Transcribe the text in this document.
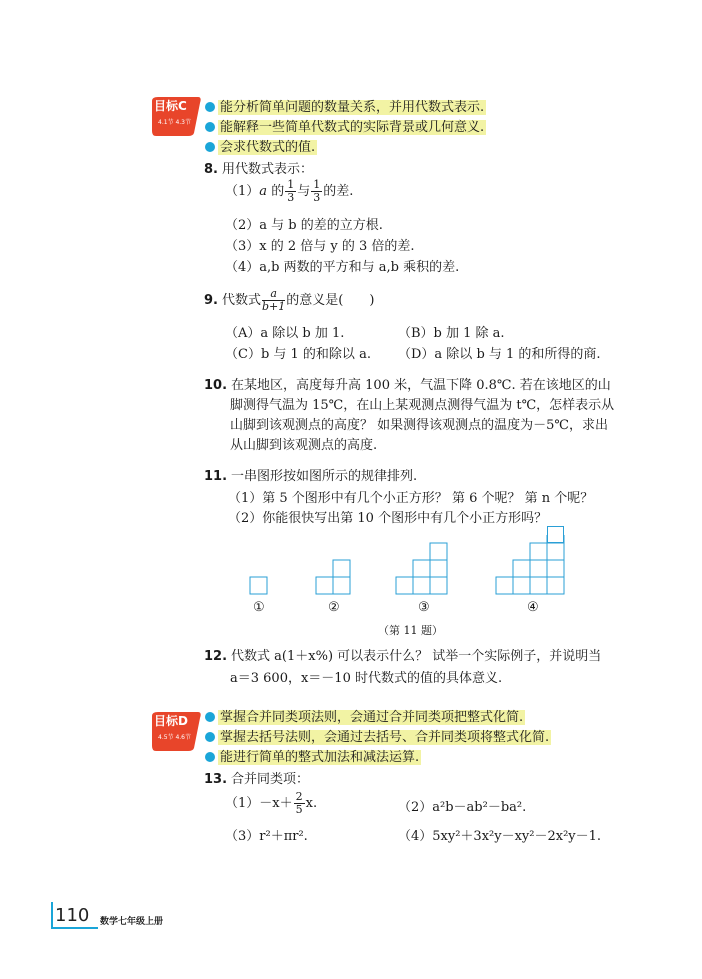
目标C
4.1节 4.3节
能分析简单问题的数量关系，并用代数式表示.
能解释一些简单代数式的实际背景或几何意义.
会求代数式的值.
8. 用代数式表示：
（1）a 的 $\frac{1}{3}$ 与 $\frac{1}{3}$ 的差.
（2）a 与 b 的差的立方根.
（3）x 的 2 倍与 y 的 3 倍的差.
（4）a,b 两数的平方和与 a,b 乘积的差.
9. 代数式 $\frac{a}{b+1}$ 的意义是(　　)
（A）a 除以 b 加 1.	（B）b 加 1 除 a.
（C）b 与 1 的和除以 a. （D）a 除以 b 与 1 的和所得的商.
10. 在某地区，高度每升高 100 米，气温下降 0.8℃. 若在该地区的山
脚测得气温为 15℃，在山上某观测点测得气温为 t℃，怎样表示从
山脚到该观测点的高度？ 如果测得该观测点的温度为－5℃，求出
从山脚到该观测点的高度.
11. 一串图形按如图所示的规律排列.
（1）第 5 个图形中有几个小正方形？ 第 6 个呢？ 第 n 个呢？
（2）你能很快写出第 10 个图形中有几个小正方形吗？
①	②	③	④
（第 11 题）
12. 代数式 a(1＋x%) 可以表示什么？ 试举一个实际例子，并说明当
a＝3 600，x＝－10 时代数式的值的具体意义.
目标D
4.5节 4.6节
掌握合并同类项法则，会通过合并同类项把整式化简.
掌握去括号法则，会通过去括号、合并同类项将整式化简.
能进行简单的整式加法和减法运算.
13. 合并同类项：
$(1)-x+ \frac{2}{5} x$.	（2）a²b－ab²－ba².
（3）r²＋πr².	（4）5xy²＋3x²y－xy²－2x²y－1.
110 数学七年级上册
